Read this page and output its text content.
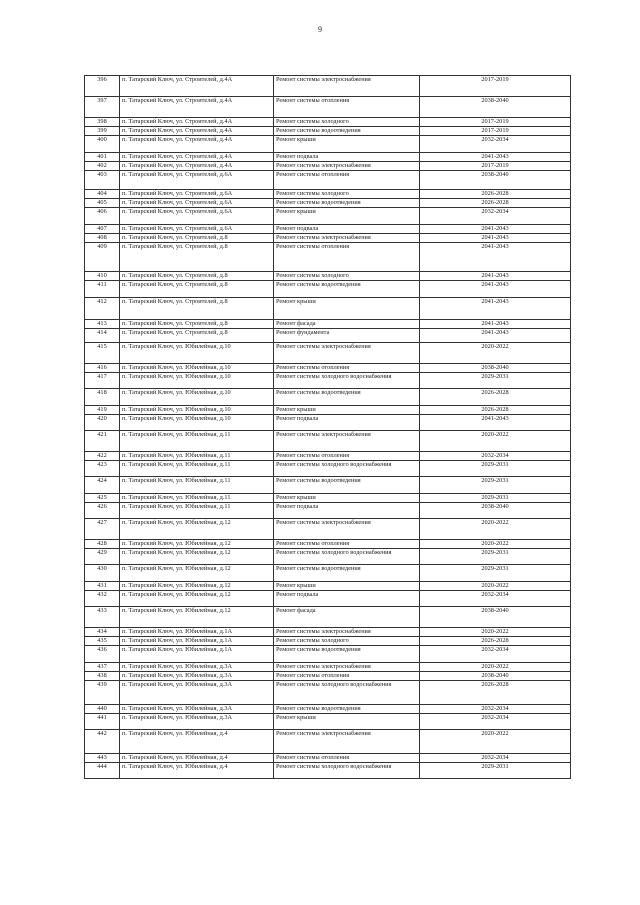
9
396	п. Татарский Ключ, ул. Строителей, д.4А	Ремонт системы электроснабжения	2017-2019
397	п. Татарский Ключ, ул. Строителей, д.4А	Ремонт системы отопления	2038-2040
398	п. Татарский Ключ, ул. Строителей, д.4А	Ремонт системы холодного	2017-2019
399	п. Татарский Ключ, ул. Строителей, д.4А	Ремонт системы водоотведения	2017-2019
400	п. Татарский Ключ, ул. Строителей, д.4А	Ремонт крыши	2032-2034
401	п. Татарский Ключ, ул. Строителей, д.4А	Ремонт подвала	2041-2043
402	п. Татарский Ключ, ул. Строителей, д.4А	Ремонт системы электроснабжения	2017-2019
403	п. Татарский Ключ, ул. Строителей, д.6А	Ремонт системы отопления	2038-2040
404	п. Татарский Ключ, ул. Строителей, д.6А	Ремонт системы холодного	2026-2028
405	п. Татарский Ключ, ул. Строителей, д.6А	Ремонт системы водоотведения	2026-2028
406	п. Татарский Ключ, ул. Строителей, д.6А	Ремонт крыши	2032-2034
407	п. Татарский Ключ, ул. Строителей, д.6А	Ремонт подвала	2041-2043
408	п. Татарский Ключ, ул. Строителей, д.8	Ремонт системы электроснабжения	2041-2043
409	п. Татарский Ключ, ул. Строителей, д.8	Ремонт системы отопления	2041-2043
410	п. Татарский Ключ, ул. Строителей, д.8	Ремонт системы холодного	2041-2043
411	п. Татарский Ключ, ул. Строителей, д.8	Ремонт системы водоотведения	2041-2043
412	п. Татарский Ключ, ул. Строителей, д.8	Ремонт крыши	2041-2043
413	п. Татарский Ключ, ул. Строителей, д.8	Ремонт фасада	2041-2043
414	п. Татарский Ключ, ул. Строителей, д.8	Ремонт фундамента	2041-2043
415	п. Татарский Ключ, ул. Юбилейная, д.10	Ремонт системы электроснабжения	2020-2022
416	п. Татарский Ключ, ул. Юбилейная, д.10	Ремонт системы отопления	2038-2040
417	п. Татарский Ключ, ул. Юбилейная, д.10	Ремонт системы холодного водоснабжения	2029-2031
418	п. Татарский Ключ, ул. Юбилейная, д.10	Ремонт системы водоотведения	2026-2028
419	п. Татарский Ключ, ул. Юбилейная, д.10	Ремонт крыши	2026-2028
420	п. Татарский Ключ, ул. Юбилейная, д.10	Ремонт подвала	2041-2043
421	п. Татарский Ключ, ул. Юбилейная, д.11	Ремонт системы электроснабжения	2020-2022
422	п. Татарский Ключ, ул. Юбилейная, д.11	Ремонт системы отопления	2032-2034
423	п. Татарский Ключ, ул. Юбилейная, д.11	Ремонт системы холодного водоснабжения	2029-2031
424	п. Татарский Ключ, ул. Юбилейная, д.11	Ремонт системы водоотведения	2029-2031
425	п. Татарский Ключ, ул. Юбилейная, д.11	Ремонт крыши	2029-2031
426	п. Татарский Ключ, ул. Юбилейная, д.11	Ремонт подвала	2038-2040
427	п. Татарский Ключ, ул. Юбилейная, д.12	Ремонт системы электроснабжения	2020-2022
428	п. Татарский Ключ, ул. Юбилейная, д.12	Ремонт системы отопления	2020-2022
429	п. Татарский Ключ, ул. Юбилейная, д.12	Ремонт системы холодного водоснабжения	2029-2031
430	п. Татарский Ключ, ул. Юбилейная, д.12	Ремонт системы водоотведения	2029-2031
431	п. Татарский Ключ, ул. Юбилейная, д.12	Ремонт крыши	2020-2022
432	п. Татарский Ключ, ул. Юбилейная, д.12	Ремонт подвала	2032-2034
433	п. Татарский Ключ, ул. Юбилейная, д.12	Ремонт фасада	2038-2040
434	п. Татарский Ключ, ул. Юбилейная, д.1А	Ремонт системы электроснабжения	2020-2022
435	п. Татарский Ключ, ул. Юбилейная, д.1А	Ремонт системы холодного	2026-2028
436	п. Татарский Ключ, ул. Юбилейная, д.1А	Ремонт системы водоотведения	2032-2034
437	п. Татарский Ключ, ул. Юбилейная, д.3А	Ремонт системы электроснабжения	2020-2022
438	п. Татарский Ключ, ул. Юбилейная, д.3А	Ремонт системы отопления	2038-2040
439	п. Татарский Ключ, ул. Юбилейная, д.3А	Ремонт системы холодного водоснабжения	2026-2028
440	п. Татарский Ключ, ул. Юбилейная, д.3А	Ремонт системы водоотведения	2032-2034
441	п. Татарский Ключ, ул. Юбилейная, д.3А	Ремонт крыши	2032-2034
442	п. Татарский Ключ, ул. Юбилейная, д.4	Ремонт системы электроснабжения	2020-2022
443	п. Татарский Ключ, ул. Юбилейная, д.4	Ремонт системы отопления	2032-2034
444	п. Татарский Ключ, ул. Юбилейная, д.4	Ремонт системы холодного водоснабжения	2029-2031
